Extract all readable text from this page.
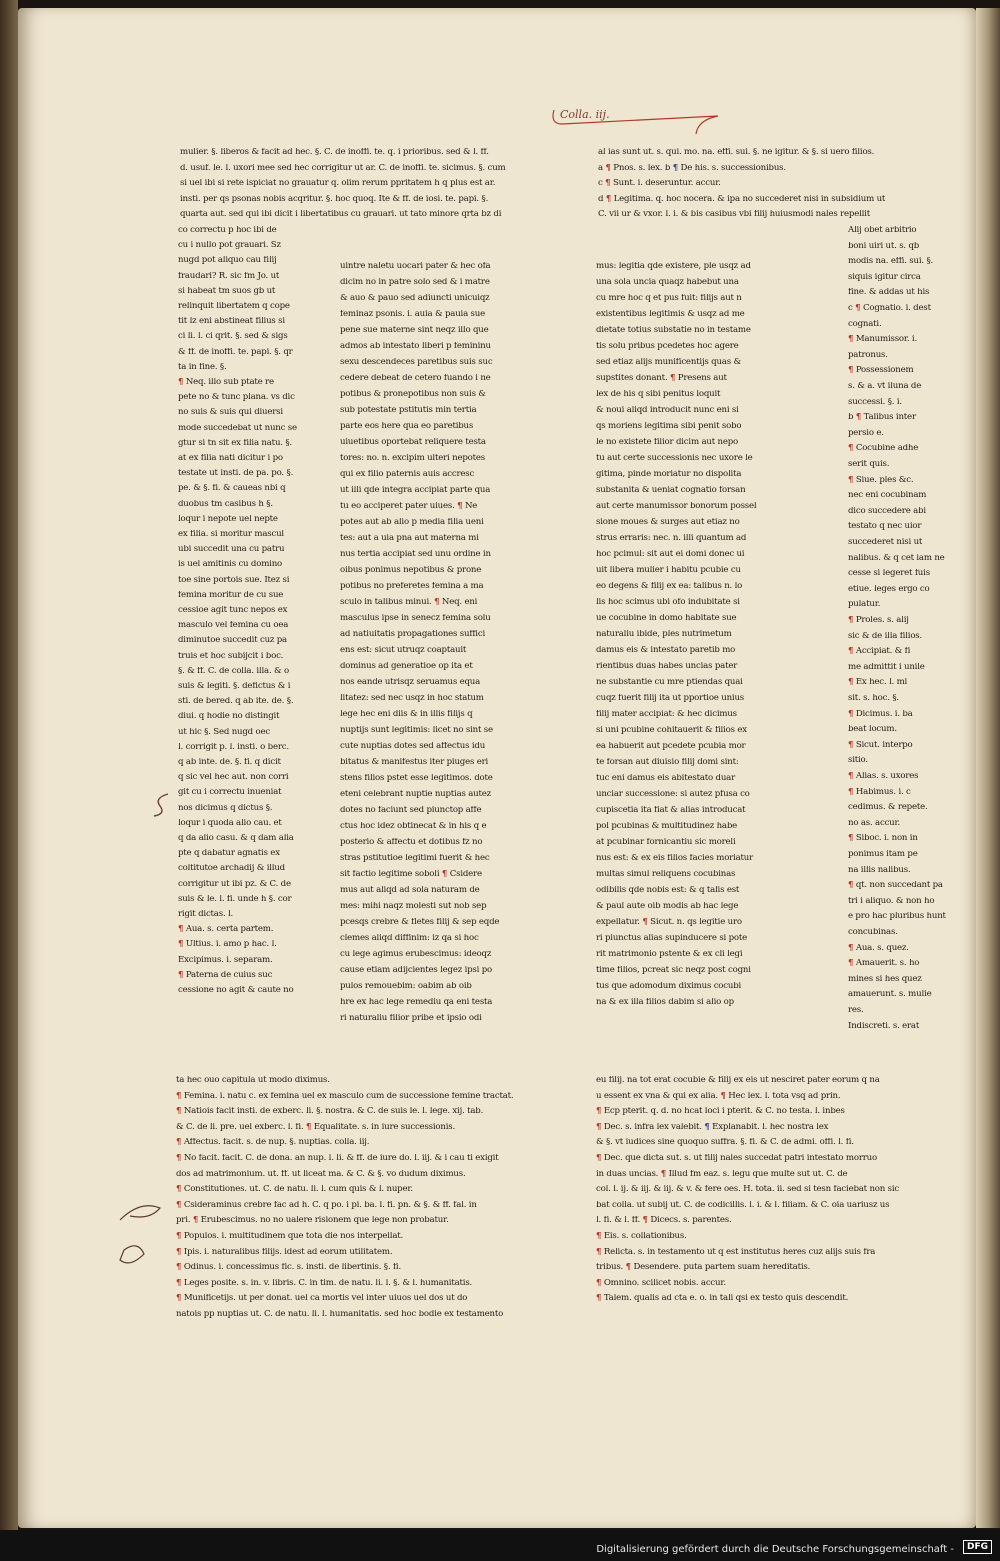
Colla. iij.
mulier. §. liberos & facit ad hec. §. C. de inoffi. te. q. i prioribus. sed & l. ff.
d. usuf. le. l. uxori mee sed hec corrigitur ut ar. C. de inoffi. te. sicimus. §. cum
si uel ibi si rete ispiciat no grauatur q. olim rerum ppritatem h q plus est ar.
insti. per qs psonas nobis acqritur. §. hoc quoq. Ite & ff. de iosi. te. papi. §.
quarta aut. sed qui ibi dicit i libertatibus cu grauari. ut tato minore qrta bz di
al ias sunt ut. s. qui. mo. na. effi. sui. §. ne igitur. & §. si uero filios.
a ¶ Pnos. s. lex. b ¶ De his. s. successionibus.
c ¶ Sunt. i. deseruntur. accur.
d ¶ Legitima. q. hoc nocera. & ipa no succederet nisi in subsidium ut
C. vii ur & vxor. l. i. & bis casibus vbi filij huiusmodi nales repellit
co correctu p hoc ibi de
cu i nullo pot grauari. Sz
nugd pot aliquo cau filij
fraudari? R. sic fm Jo. ut
si habeat tm suos gb ut
relinquit libertatem q cope
tit lz eni abstineat filius si
ci li. l. ci qrit. §. sed & sigs
& ff. de inoffi. te. papi. §. qr
ta in fine. §.
¶ Neq. illo sub ptate re
pete no & tunc plana. vs dic
no suis & suis qui diuersi
mode succedebat ut nunc se
gtur si tn sit ex filia natu. §.
at ex filia nati dicitur i po
testate ut insti. de pa. po. §.
pe. & §. fi. & caueas nbi q
duobus tm casibus h §.
loqur i nepote uel nepte
ex filia. si moritur mascul
ubi succedit una cu patru
is uel amitinis cu domino
toe sine portois sue. Itez si
femina moritur de cu sue
cessioe agit tunc nepos ex
masculo vel femina cu oea
diminutoe succedit cuz pa
truis et hoc subijcit i boc.
§. & ff. C. de colla. illa. & o
suis & legiti. §. defictus & i
sti. de bered. q ab ite. de. §.
diui. q hodie no distingit
ut hic §. Sed nugd oec
l. corrigit p. l. insti. o berc.
q ab inte. de. §. fi. q dicit
q sic vel hec aut. non corri
git cu i correctu inueniat
nos dicimus q dictus §.
loqur i quoda alio cau. et
q da alio casu. & q dam alia
pte q dabatur agnatis ex
coltitutoe archadij & illud
corrigitur ut ibi pz. & C. de
suis & le. l. fi. unde h §. cor
rigit dictas. l.
¶ Aua. s. certa partem.
¶ Ultius. i. amo p hac. l.
Excipimus. i. separam.
¶ Paterna de cuius suc
cessione no agit & caute no
uintre naletu uocari pater & hec ofa
dicim no in patre solo sed & i matre
& auo & pauo sed adiuncti unicuiqz
feminaz psonis. i. auia & pauia sue
pene sue materne sint neqz illo que
admos ab intestato liberi p femininu
sexu descendeces paretibus suis suc
cedere debeat de cetero fuando i ne
potibus & pronepotibus non suis &
sub potestate pstitutis min tertia
parte eos here qua eo paretibus
uiuetibus oportebat reliquere testa
tores: no. n. excipim ulteri nepotes
qui ex filio paternis auis accresc
ut illi qde integra accipiat parte qua
tu eo acciperet pater uiues. ¶ Ne
potes aut ab alio p media filia ueni
tes: aut a uia pna aut materna mi
nus tertia accipiat sed unu ordine in
oibus ponimus nepotibus & prone
potibus no preferetes femina a ma
sculo in talibus minui. ¶ Neq. eni
masculus ipse in senecz femina solu
ad natiuitatis propagationes suffici
ens est: sicut utruqz coaptauit
dominus ad generatioe op ita et
nos eande utrisqz seruamus equa
litatez: sed nec usqz in hoc statum
lege hec eni diis & in illis filijs q
nuptijs sunt legitimis: licet no sint se
cute nuptias dotes sed affectus idu
bitatus & manifestus iter piuges eri
stens filios pstet esse legitimos. dote
eteni celebrant nuptie nuptias autez
dotes no faciunt sed piunctop affe
ctus hoc idez obtinecat & in his q e
posterio & affectu et dotibus fz no
stras pstitutioe legitimi fuerit & hec
sit factio legitime soboli ¶ Csidere
mus aut aliqd ad sola naturam de
mes: mihi naqz molesti sut nob sep
pcesqs crebre & fletes filij & sep eqde
clemes aliqd diffinim: iz qa si hoc
cu lege agimus erubescimus: ideoqz
cause etiam adijcientes legez ipsi po
pulos remouebim: oabim ab oib
hre ex hac lege remediu qa eni testa
ri naturaliu filior pribe et ipsio odi
mus: legitia qde existere, ple usqz ad
una sola uncia quaqz habebut una
cu mre hoc q et pus fuit: filijs aut n
existentibus legitimis & usqz ad me
dietate totius substatie no in testame
tis solu pribus pcedetes hoc agere
sed etiaz alijs munificentijs quas &
supstites donant. ¶ Presens aut
lex de his q sibi penitus loquit
& noui aliqd introducit nunc eni si
qs moriens legitima sibi penit sobo
le no existete filior dicim aut nepo
tu aut certe successionis nec uxore le
gitima, pinde moriatur no dispolita
substanita & ueniat cognatio forsan
aut certe manumissor bonorum possel
sione moues & surges aut etiaz no
strus erraris: nec. n. illi quantum ad
hoc pcimul: sit aut ei domi donec ui
uit libera mulier i habitu pcubie cu
eo degens & filij ex ea: talibus n. lo
lis hoc scimus ubi ofo indubitate si
ue cocubine in domo habitate sue
naturaliu ibide, ples nutrimetum
damus eis & intestato paretib mo
rientibus duas habes uncias pater
ne substantie cu mre ptiendas quai
cuqz fuerit filij ita ut pportioe unius
filij mater accipiat: & hec dicimus
si uni pcubine cohitauerit & filios ex
ea habuerit aut pcedete pcubia mor
te forsan aut diuisio filij domi sint:
tuc eni damus eis abitestato duar
unciar successione: si autez pfusa co
cupiscetia ita fiat & alias introducat
pol pcubinas & multitudinez habe
at pcubinar fornicantiu sic moreli
nus est: & ex eis filios facies moriatur
multas simul reliquens cocubinas
odibilis qde nobis est: & q talis est
& paul aute oib modis ab hac lege
expellatur. ¶ Sicut. n. qs legitie uro
ri piunctus alias supinducere si pote
rit matrimonio pstente & ex cli legi
time filios, pcreat sic neqz post cogni
tus que adomodum diximus cocubi
na & ex illa filios dabim si alio op
Alij obet arbitrio
boni uiri ut. s. qb
modis na. effi. sui. §.
siquis igitur circa
fine. & addas ut his
c ¶ Cognatio. i. dest
cognati.
¶ Manumissor. i.
patronus.
¶ Possessionem
s. & a. vt iluna de
successi. §. i.
b ¶ Talibus inter
persio e.
¶ Cocubine adhe
serit quis.
¶ Siue. ples &c.
nec eni cocubinam
dico succedere abi
testato q nec uior
succederet nisi ut
nalibus. & q cet iam ne
cesse si legeret fuis
etiue. leges ergo co
pulatur.
¶ Proles. s. alij
sic & de illa filios.
¶ Accipiat. & fi
me admittit i unile
¶ Ex hec. l. ml
sit. s. hoc. §.
¶ Dicimus. i. ba
beat locum.
¶ Sicut. interpo
sitio.
¶ Alias. s. uxores
¶ Habimus. i. c
cedimus. & repete.
no as. accur.
¶ Siboc. i. non in
ponimus itam pe
na illis nalibus.
¶ qt. non succedant pa
tri i aliquo. & non ho
e pro hac pluribus hunt
concubinas.
¶ Aua. s. quez.
¶ Amauerit. s. ho
mines si hes quez
amauerunt. s. mulie
res.
Indiscreti. s. erat
ta hec ouo capitula ut modo diximus.
¶ Femina. i. natu c. ex femina uel ex masculo cum de successione femine tractat.
¶ Natiois facit insti. de exberc. li. §. nostra. & C. de suis le. l. lege. xij. tab.
& C. de li. pre. uel exberc. l. fi. ¶ Equalitate. s. in iure successionis.
¶ Affectus. facit. s. de nup. §. nuptias. colla. iij.
¶ No facit. facit. C. de dona. an nup. l. li. & ff. de iure do. l. iij. & i cau ti exigit
dos ad matrimonium. ut. ff. ut liceat ma. & C. & §. vo dudum diximus.
¶ Constitutiones. ut. C. de natu. li. l. cum quis & l. nuper.
¶ Csideraminus crebre fac ad h. C. q po. i pi. ba. l. fi. pn. & §. & ff. fal. in
pri. ¶ Erubescimus. no no ualere risionem que lege non probatur.
¶ Populos. i. multitudinem que tota die nos interpellat.
¶ Ipis. i. naturalibus filijs. idest ad eorum utilitatem.
¶ Odinus. i. concessimus fic. s. insti. de libertinis. §. fi.
¶ Leges posite. s. in. v. libris. C. in tim. de natu. li. l. §. & l. humanitatis.
¶ Munificetijs. ut per donat. uel ca mortis vel inter uiuos uel dos ut do
natois pp nuptias ut. C. de natu. li. l. humanitatis. sed hoc bodie ex testamento
eu filij. na tot erat cocubie & filij ex eis ut nesciret pater eorum q na
u essent ex vna & qui ex alia. ¶ Hec lex. l. tota vsq ad prin.
¶ Ecp pterit. q. d. no hcat loci i pterit. & C. no testa. l. inbes
¶ Dec. s. infra lex valebit. ¶ Explanabit. l. hec nostra lex
& §. vt iudices sine quoquo suffra. §. fi. & C. de admi. offi. l. fi.
¶ Dec. que dicta sut. s. ut filij nales succedat patri intestato morruo
in duas uncias. ¶ Illud fm eaz. s. legu que multe sut ut. C. de
col. l. ij. & iij. & iij. & v. & fere oes. H. tota. ii. sed si tesn faciebat non sic
bat colla. ut subij ut. C. de codicillis. l. i. & l. filiam. & C. oia uariusz us
l. fi. & l. ff. ¶ Dicecs. s. parentes.
¶ Eis. s. collationibus.
¶ Relicta. s. in testamento ut q est institutus heres cuz alijs suis fra
tribus. ¶ Desendere. puta partem suam hereditatis.
¶ Omnino. scilicet nobis. accur.
¶ Talem. qualis ad cta e. o. in tali qsi ex testo quis descendit.
Digitalisierung gefördert durch die Deutsche Forschungsgemeinschaft -	DFG
